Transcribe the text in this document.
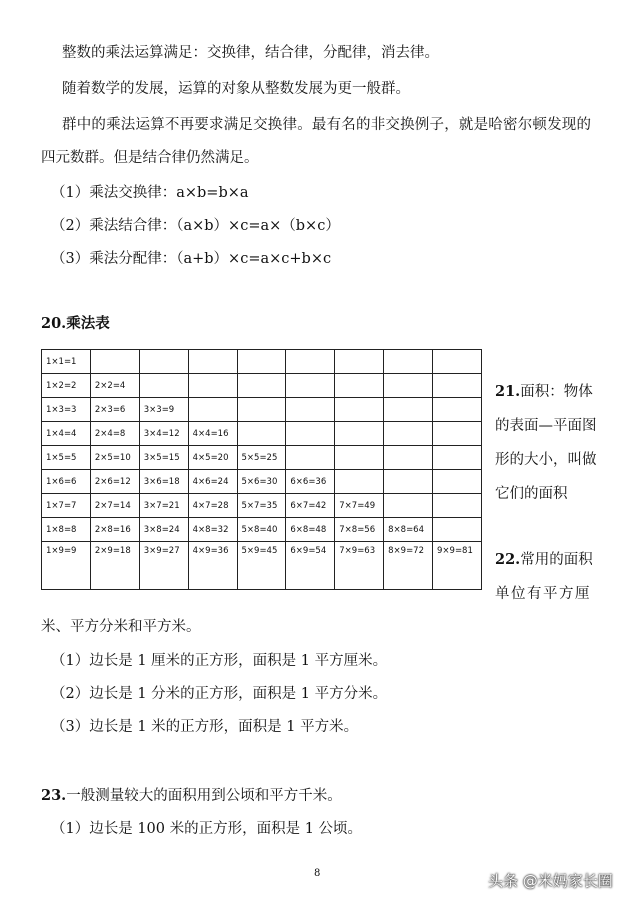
整数的乘法运算满足：交换律，结合律，分配律，消去律。
随着数学的发展，运算的对象从整数发展为更一般群。
群中的乘法运算不再要求满足交换律。最有名的非交换例子，就是哈密尔顿发现的
四元数群。但是结合律仍然满足。
（1）乘法交换律：a×b=b×a
（2）乘法结合律：（a×b）×c=a×（b×c）
（3）乘法分配律：（a+b）×c=a×c+b×c
20.乘法表
1×1=1								
1×2=2	2×2=4							
1×3=3	2×3=6	3×3=9						
1×4=4	2×4=8	3×4=12	4×4=16					
1×5=5	2×5=10	3×5=15	4×5=20	5×5=25				
1×6=6	2×6=12	3×6=18	4×6=24	5×6=30	6×6=36			
1×7=7	2×7=14	3×7=21	4×7=28	5×7=35	6×7=42	7×7=49		
1×8=8	2×8=16	3×8=24	4×8=32	5×8=40	6×8=48	7×8=56	8×8=64	
1×9=9	2×9=18	3×9=27	4×9=36	5×9=45	6×9=54	7×9=63	8×9=72	9×9=81
21.面积：物体
的表面—平面图
形的大小，叫做
它们的面积
22.常用的面积
单位有平方厘
米、平方分米和平方米。
（1）边长是 1 厘米的正方形，面积是 1 平方厘米。
（2）边长是 1 分米的正方形，面积是 1 平方分米。
（3）边长是 1 米的正方形，面积是 1 平方米。
23.一般测量较大的面积用到公顷和平方千米。
（1）边长是 100 米的正方形，面积是 1 公顷。
8	头条 @米妈家长圈
